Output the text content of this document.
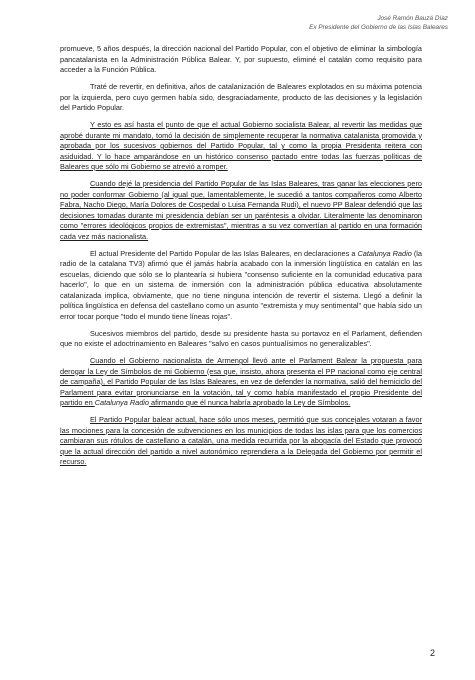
José Ramón Bauzá Díaz
Ex Presidente del Gobierno de las Islas Baleares

promueve, 5 años después, la dirección nacional del Partido Popular, con el objetivo de eliminar la simbología pancatalanista en la Administración Pública Balear. Y, por supuesto, eliminé el catalán como requisito para acceder a la Función Pública.

Traté de revertir, en definitiva, años de catalanización de Baleares explotados en su máxima potencia por la izquierda, pero cuyo germen había sido, desgraciadamente, producto de las decisiones y la legislación del Partido Popular.

Y esto es así hasta el punto de que el actual Gobierno socialista Balear, al revertir las medidas que aprobé durante mi mandato, tomó la decisión de simplemente recuperar la normativa catalanista promovida y aprobada por los sucesivos gobiernos del Partido Popular, tal y como la propia Presidenta reitera con asiduidad. Y lo hace amparándose en un histórico consenso pactado entre todas las fuerzas políticas de Baleares que sólo mi Gobierno se atrevió a romper.

Cuando dejé la presidencia del Partido Popular de las Islas Baleares, tras ganar las elecciones pero no poder conformar Gobierno (al igual que, lamentablemente, le sucedió a tantos compañeros como Alberto Fabra, Nacho Diego, María Dolores de Cospedal o Luisa Fernanda Rudi), el nuevo PP Balear defendió que las decisiones tomadas durante mi presidencia debían ser un paréntesis a olvidar. Literalmente las denominaron como "errores ideológicos propios de extremistas", mientras a su vez convertían al partido en una formación cada vez más nacionalista.

El actual Presidente del Partido Popular de las Islas Baleares, en declaraciones a Catalunya Radio (la radio de la catalana TV3) afirmó que él jamás habría acabado con la inmersión lingüística en catalán en las escuelas, diciendo que sólo se lo plantearía si hubiera "consenso suficiente en la comunidad educativa para hacerlo", lo que en un sistema de inmersión con la administración pública educativa absolutamente catalanizada implica, obviamente, que no tiene ninguna intención de revertir el sistema. Llegó a definir la política lingüística en defensa del castellano como un asunto "extremista y muy sentimental" que había sido un error tocar porque "todo el mundo tiene líneas rojas".

Sucesivos miembros del partido, desde su presidente hasta su portavoz en el Parlament, defienden que no existe el adoctrinamiento en Baleares "salvo en casos puntualísimos no generalizables".

Cuando el Gobierno nacionalista de Armengol llevó ante el Parlament Balear la propuesta para derogar la Ley de Símbolos de mi Gobierno (esa que, insisto, ahora presenta el PP nacional como eje central de campaña), el Partido Popular de las Islas Baleares, en vez de defender la normativa, salió del hemiciclo del Parlament para evitar pronunciarse en la votación, tal y como había manifestado el propio Presidente del partido en Catalunya Radio afirmando que él nunca habría aprobado la Ley de Símbolos.

El Partido Popular balear actual, hace sólo unos meses, permitió que sus concejales votaran a favor las mociones para la concesión de subvenciones en los municipios de todas las islas para que los comercios cambiaran sus rótulos de castellano a catalán, una medida recurrida por la abogacía del Estado que provocó que la actual dirección del partido a nivel autonómico reprendiera a la Delegada del Gobierno por permitir el recurso.

2
